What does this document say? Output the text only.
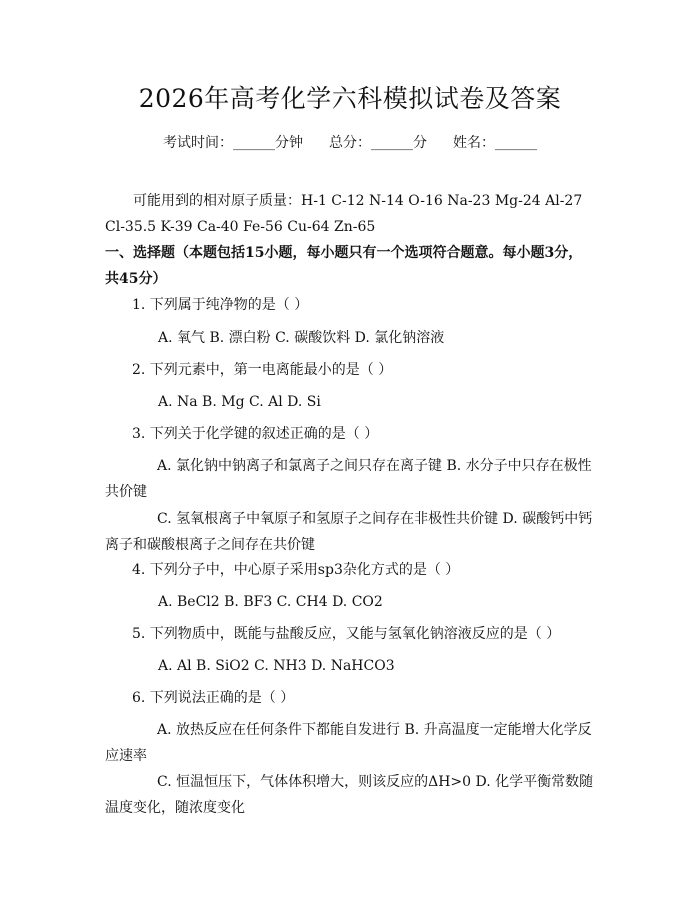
2026年高考化学六科模拟试卷及答案
考试时间：______分钟 总分：______分 姓名：______

可能用到的相对原子质量：H-1 C-12 N-14 O-16 Na-23 Mg-24 Al-27 Cl-35.5 K-39 Ca-40 Fe-56 Cu-64 Zn-65

一、选择题（本题包括15小题，每小题只有一个选项符合题意。每小题3分，共45分）

1. 下列属于纯净物的是（ ）

A. 氧气 B. 漂白粉 C. 碳酸饮料 D. 氯化钠溶液

2. 下列元素中，第一电离能最小的是（ ）

A. Na B. Mg C. Al D. Si

3. 下列关于化学键的叙述正确的是（ ）

A. 氯化钠中钠离子和氯离子之间只存在离子键 B. 水分子中只存在极性共价键

C. 氢氧根离子中氧原子和氢原子之间存在非极性共价键 D. 碳酸钙中钙离子和碳酸根离子之间存在共价键

4. 下列分子中，中心原子采用sp3杂化方式的是（ ）

A. BeCl2 B. BF3 C. CH4 D. CO2

5. 下列物质中，既能与盐酸反应，又能与氢氧化钠溶液反应的是（ ）

A. Al B. SiO2 C. NH3 D. NaHCO3

6. 下列说法正确的是（ ）

A. 放热反应在任何条件下都能自发进行 B. 升高温度一定能增大化学反应速率

C. 恒温恒压下，气体体积增大，则该反应的ΔH>0 D. 化学平衡常数随温度变化，随浓度变化
